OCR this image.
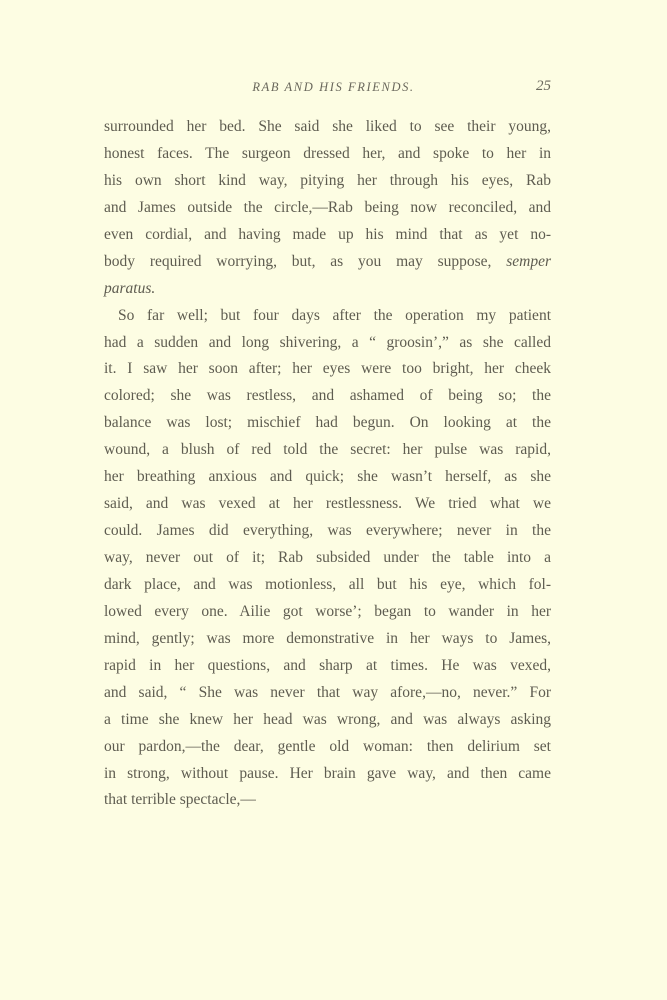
RAB AND HIS FRIENDS.	25
surrounded her bed. She said she liked to see their young,
honest faces. The surgeon dressed her, and spoke to her in
his own short kind way, pitying her through his eyes, Rab
and James outside the circle,—Rab being now reconciled, and
even cordial, and having made up his mind that as yet no-
body required worrying, but, as you may suppose, semper
paratus.
So far well; but four days after the operation my patient
had a sudden and long shivering, a “ groosin’,” as she called
it. I saw her soon after; her eyes were too bright, her cheek
colored; she was restless, and ashamed of being so; the
balance was lost; mischief had begun. On looking at the
wound, a blush of red told the secret: her pulse was rapid,
her breathing anxious and quick; she wasn’t herself, as she
said, and was vexed at her restlessness. We tried what we
could. James did everything, was everywhere; never in the
way, never out of it; Rab subsided under the table into a
dark place, and was motionless, all but his eye, which fol-
lowed every one. Ailie got worseʼ; began to wander in her
mind, gently; was more demonstrative in her ways to James,
rapid in her questions, and sharp at times. He was vexed,
and said, “ She was never that way afore,—no, never.” For
a time she knew her head was wrong, and was always asking
our pardon,—the dear, gentle old woman: then delirium set
in strong, without pause. Her brain gave way, and then came
that terrible spectacle,—
